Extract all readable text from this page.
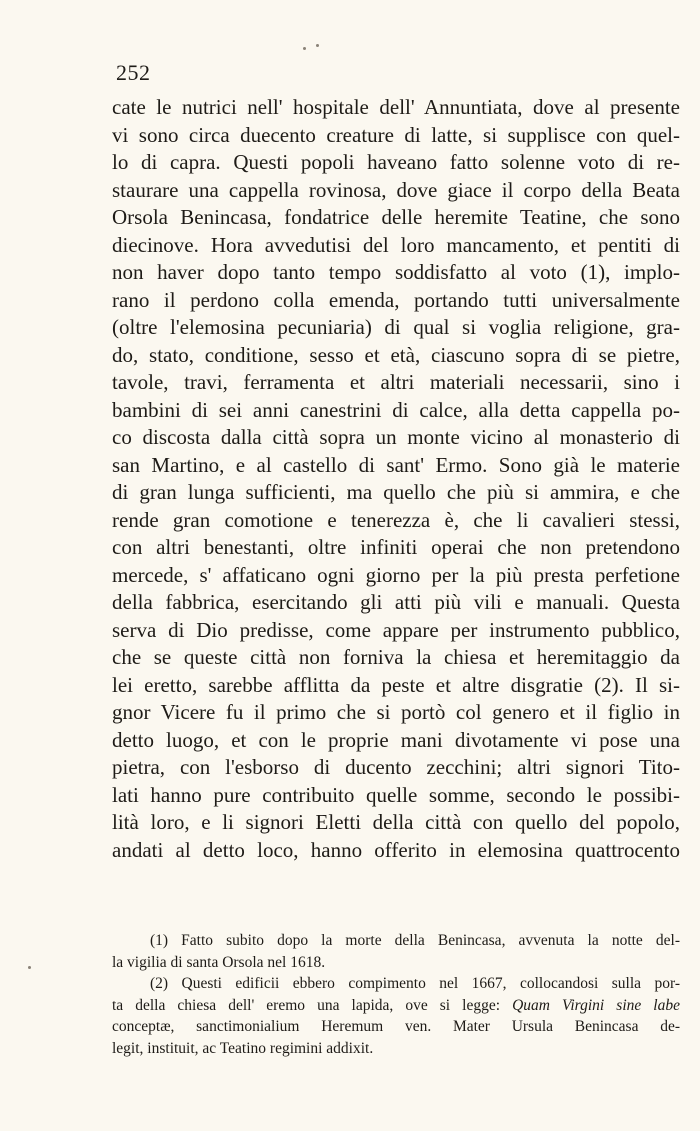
252
cate le nutrici nell' hospitale dell' Annuntiata, dove al presente
vi sono circa duecento creature di latte, si supplisce con quel-
lo di capra. Questi popoli haveano fatto solenne voto di re-
staurare una cappella rovinosa, dove giace il corpo della Beata
Orsola Benincasa, fondatrice delle heremite Teatine, che sono
diecinove. Hora avvedutisi del loro mancamento, et pentiti di
non haver dopo tanto tempo soddisfatto al voto (1), implo-
rano il perdono colla emenda, portando tutti universalmente
(oltre l'elemosina pecuniaria) di qual si voglia religione, gra-
do, stato, conditione, sesso et età, ciascuno sopra di se pietre,
tavole, travi, ferramenta et altri materiali necessarii, sino i
bambini di sei anni canestrini di calce, alla detta cappella po-
co discosta dalla città sopra un monte vicino al monasterio di
san Martino, e al castello di sant' Ermo. Sono già le materie
di gran lunga sufficienti, ma quello che più si ammira, e che
rende gran comotione e tenerezza è, che li cavalieri stessi,
con altri benestanti, oltre infiniti operai che non pretendono
mercede, s' affaticano ogni giorno per la più presta perfetione
della fabbrica, esercitando gli atti più vili e manuali. Questa
serva di Dio predisse, come appare per instrumento pubblico,
che se queste città non forniva la chiesa et heremitaggio da
lei eretto, sarebbe afflitta da peste et altre disgratie (2). Il si-
gnor Vicere fu il primo che si portò col genero et il figlio in
detto luogo, et con le proprie mani divotamente vi pose una
pietra, con l'esborso di ducento zecchini; altri signori Tito-
lati hanno pure contribuito quelle somme, secondo le possibi-
lità loro, e li signori Eletti della città con quello del popolo,
andati al detto loco, hanno offerito in elemosina quattrocento
(1) Fatto subito dopo la morte della Benincasa, avvenuta la notte del-
la vigilia di santa Orsola nel 1618.
(2) Questi edificii ebbero compimento nel 1667, collocandosi sulla por-
ta della chiesa dell' eremo una lapida, ove si legge: Quam Virgini sine labe
conceptæ, sanctimonialium Heremum ven. Mater Ursula Benincasa de-
legit, instituit, ac Teatino regimini addixit.
